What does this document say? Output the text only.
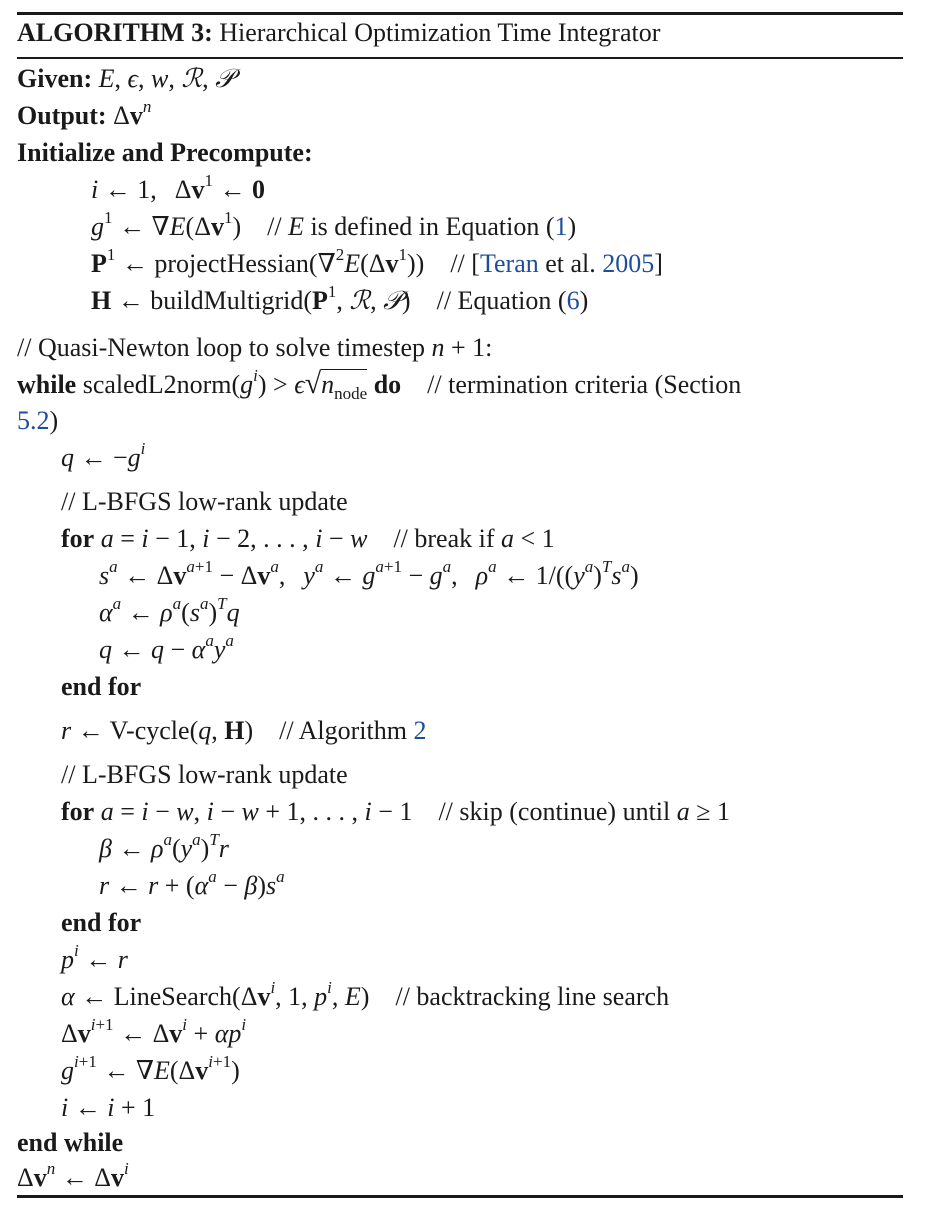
ALGORITHM 3: Hierarchical Optimization Time Integrator
Given: E, ϵ, w, ℛ, 𝒫
Output: $\Delta v^n$
Initialize and Precompute:
i ← 1, $\Delta v^1$ ← 0
$g^1$ ← $\nabla E(\Delta v^1)$ // E is defined in Equation (1)
$P^1$ ← $projectHessian(\nabla^2E(\Delta v^1))$ // [Teran et al. 2005]
H ← $buildMultigrid(P^1$, ℛ, 𝒫) // Equation (6)
// Quasi-Newton loop to solve timestep n + 1:
while $scaledL2norm(g^i) > \epsilon√n_{node}$ do // termination criteria (Section
5.2)
q ← $-g^i$
// L-BFGS low-rank update
for a = i − 1, i − 2, . . . , i − w // break if a < 1
$s^a$ ← $\Delta v^{a+1} - \Delta v^a$, $y^a$ ← $g^{a+1} - g^a$, $\rho^a$ ← $1/((y^a)^Ts^a)$
$\alpha^a$ ← $\rho^a(s^a)^Tq$
q ← $q - \alpha^ay^a$
end for
r ← V-cycle(q, H) // Algorithm 2
// L-BFGS low-rank update
for a = i − w, i − w + 1, . . . , i − 1 // skip (continue) until a ≥ 1
β ← $\rho^a(y^a)^Tr$
r ← $r + (\alpha^a - \beta)s^a$
end for
$p^i$ ← r
α ← $LineSearch(\Delta v^i$, 1, $p^i$, E) // backtracking line search
$\Delta v^{i+1}$ ← $\Delta v^i + \alpha p^i$
$g^{i+1}$ ← $\nabla E(\Delta v^{i+1})$
i ← i + 1
end while
$\Delta v^n$ ← $\Delta v^i$
